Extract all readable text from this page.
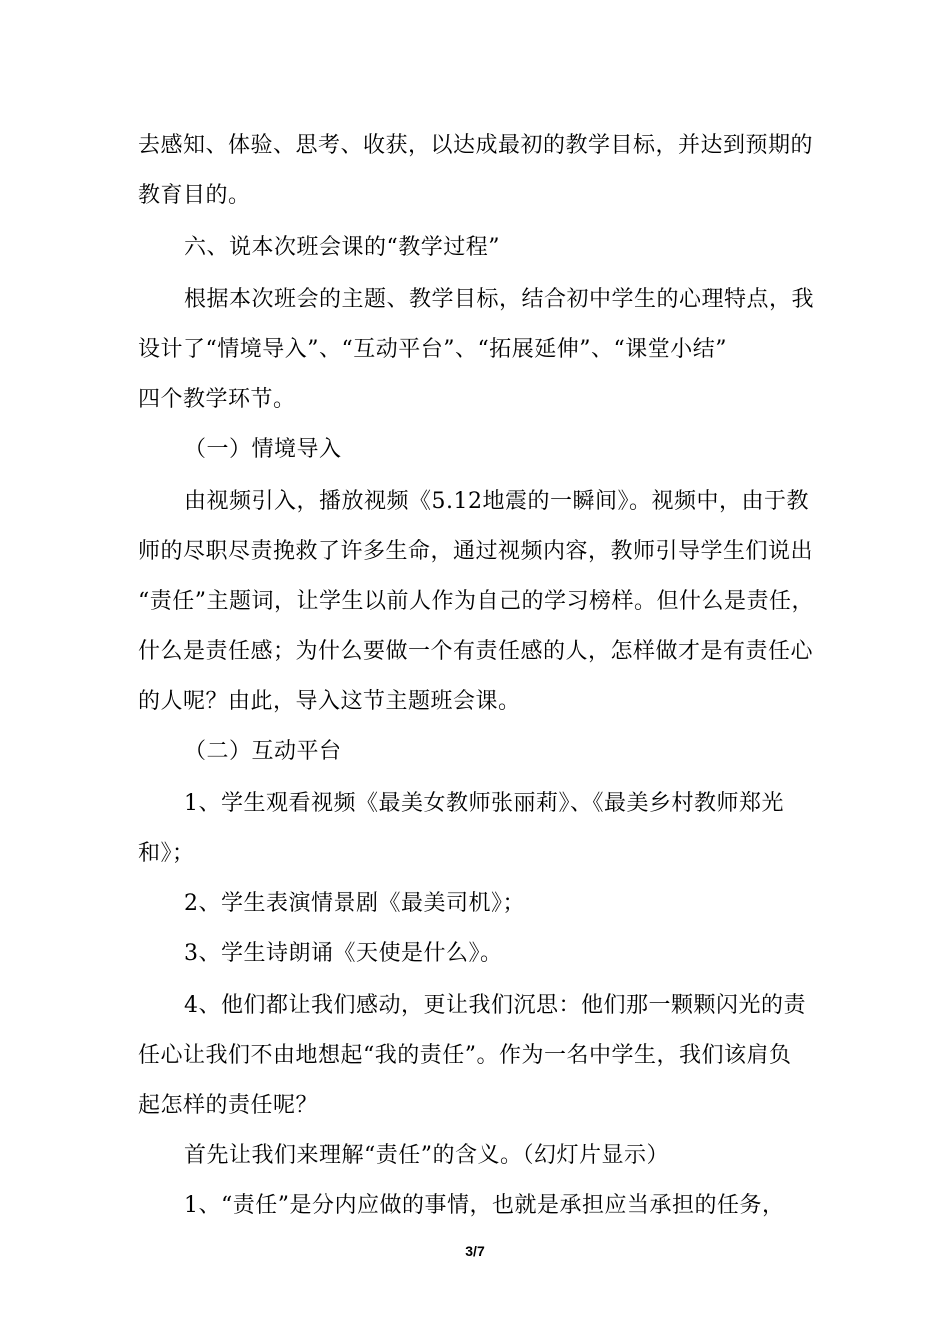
去感知、体验、思考、收获，以达成最初的教学目标，并达到预期的
教育目的。
六、说本次班会课的“教学过程”
根据本次班会的主题、教学目标，结合初中学生的心理特点，我
设计了“情境导入”、“互动平台”、“拓展延伸”、“课堂小结”
四个教学环节。
（一）情境导入
由视频引入，播放视频《5.12地震的一瞬间》。视频中，由于教
师的尽职尽责挽救了许多生命，通过视频内容，教师引导学生们说出
“责任”主题词，让学生以前人作为自己的学习榜样。但什么是责任，
什么是责任感；为什么要做一个有责任感的人，怎样做才是有责任心
的人呢？由此，导入这节主题班会课。
（二）互动平台
1、学生观看视频《最美女教师张丽莉》、《最美乡村教师郑光
和》；
2、学生表演情景剧《最美司机》；
3、学生诗朗诵《天使是什么》。
4、他们都让我们感动，更让我们沉思：他们那一颗颗闪光的责
任心让我们不由地想起“我的责任”。作为一名中学生，我们该肩负
起怎样的责任呢？
首先让我们来理解“责任”的含义。（幻灯片显示）
1、“责任”是分内应做的事情，也就是承担应当承担的任务，
3/7
